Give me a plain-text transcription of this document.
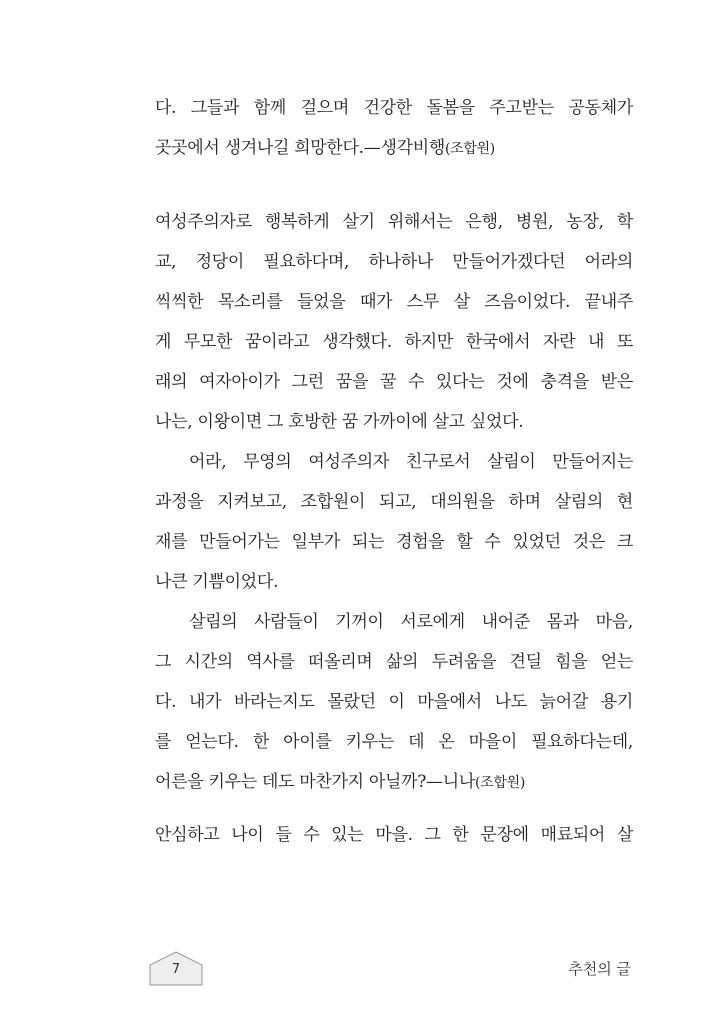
다. 그들과 함께 걸으며 건강한 돌봄을 주고받는 공동체가
곳곳에서 생겨나길 희망한다.—생각비행(조합원)
여성주의자로 행복하게 살기 위해서는 은행, 병원, 농장, 학
교, 정당이 필요하다며, 하나하나 만들어가겠다던 어라의
씩씩한 목소리를 들었을 때가 스무 살 즈음이었다. 끝내주
게 무모한 꿈이라고 생각했다. 하지만 한국에서 자란 내 또
래의 여자아이가 그런 꿈을 꿀 수 있다는 것에 충격을 받은
나는, 이왕이면 그 호방한 꿈 가까이에 살고 싶었다.
어라, 무영의 여성주의자 친구로서 살림이 만들어지는
과정을 지켜보고, 조합원이 되고, 대의원을 하며 살림의 현
재를 만들어가는 일부가 되는 경험을 할 수 있었던 것은 크
나큰 기쁨이었다.
살림의 사람들이 기꺼이 서로에게 내어준 몸과 마음,
그 시간의 역사를 떠올리며 삶의 두려움을 견딜 힘을 얻는
다. 내가 바라는지도 몰랐던 이 마을에서 나도 늙어갈 용기
를 얻는다. 한 아이를 키우는 데 온 마을이 필요하다는데,
어른을 키우는 데도 마찬가지 아닐까?—니나(조합원)
안심하고 나이 들 수 있는 마을. 그 한 문장에 매료되어 살
7	추천의 글
